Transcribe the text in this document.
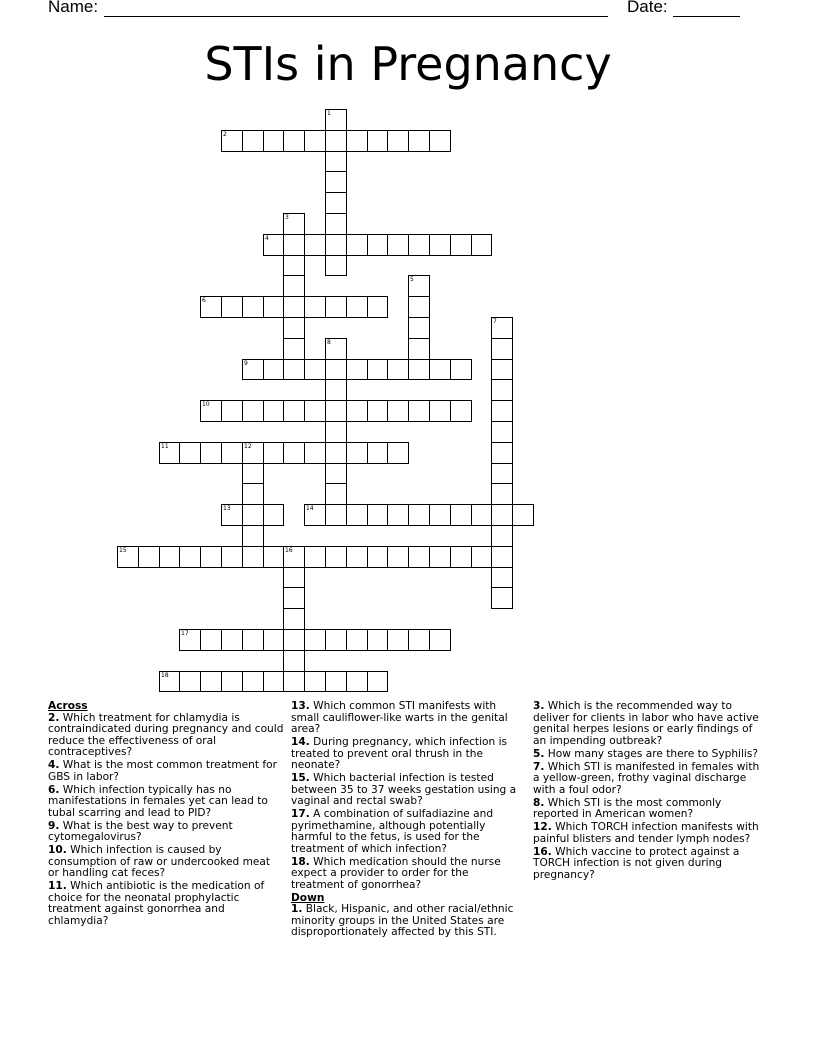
Name:	Date:
STIs in Pregnancy
1
2
3
4
5
6
7
8
9
10
11	12
13	14
15	16
17
18
Across
2. Which treatment for chlamydia is contraindicated during pregnancy and could reduce the effectiveness of oral contraceptives?
4. What is the most common treatment for GBS in labor?
6. Which infection typically has no manifestations in females yet can lead to tubal scarring and lead to PID?
9. What is the best way to prevent cytomegalovirus?
10. Which infection is caused by consumption of raw or undercooked meat or handling cat feces?
11. Which antibiotic is the medication of choice for the neonatal prophylactic treatment against gonorrhea and chlamydia?
13. Which common STI manifests with small cauliflower-like warts in the genital area?
14. During pregnancy, which infection is treated to prevent oral thrush in the neonate?
15. Which bacterial infection is tested between 35 to 37 weeks gestation using a vaginal and rectal swab?
17. A combination of sulfadiazine and pyrimethamine, although potentially harmful to the fetus, is used for the treatment of which infection?
18. Which medication should the nurse expect a provider to order for the treatment of gonorrhea?
Down
1. Black, Hispanic, and other racial/ethnic minority groups in the United States are disproportionately affected by this STI.
3. Which is the recommended way to deliver for clients in labor who have active genital herpes lesions or early findings of an impending outbreak?
5. How many stages are there to Syphilis?
7. Which STI is manifested in females with a yellow-green, frothy vaginal discharge with a foul odor?
8. Which STI is the most commonly reported in American women?
12. Which TORCH infection manifests with painful blisters and tender lymph nodes?
16. Which vaccine to protect against a TORCH infection is not given during pregnancy?
